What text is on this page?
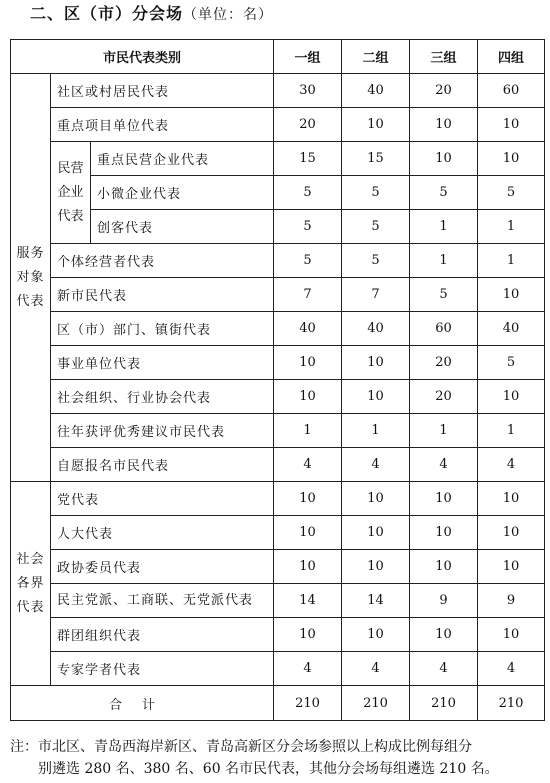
二、区（市）分会场（单位：名）
市民代表类别			一组	二组	三组	四组

服务
对象
代表	社区或村居民代表		30	40	20	60
	重点项目单位代表		20	10	10	10

	民营
企业
代表	重点民营企业代表	15	15	10	10
		小微企业代表	5	5	5	5
		创客代表	5	5	1	1
	个体经营者代表		5	5	1	1
	新市民代表		7	7	5	10
	区（市）部门、镇街代表		40	40	60	40
	事业单位代表		10	10	20	5
	社会组织、行业协会代表		10	10	20	10
	往年获评优秀建议市民代表		1	1	1	1
	自愿报名市民代表		4	4	4	4

社会
各界
代表	党代表		10	10	10	10
	人大代表		10	10	10	10
	政协委员代表		10	10	10	10
	民主党派、工商联、无党派代表		14	14	9	9
	群团组织代表		10	10	10	10
	专家学者代表		4	4	4	4
合计			210	210	210	210
注：市北区、青岛西海岸新区、青岛高新区分会场参照以上构成比例每组分
别遴选 280 名、380 名、60 名市民代表，其他分会场每组遴选 210 名。
